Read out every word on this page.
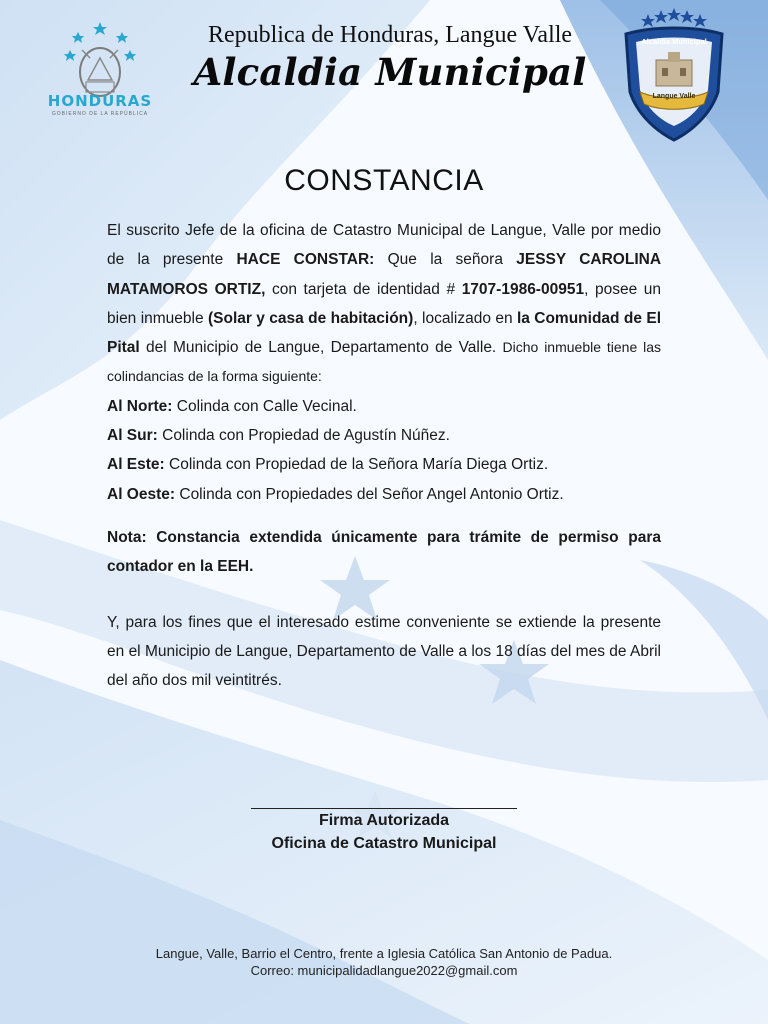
HONDURAS
GOBIERNO DE LA REPÚBLICA
Republica de Honduras, Langue Valle
Alcaldia Municipal
Alcaldia Municipal
Langue Valle
CONSTANCIA

El suscrito Jefe de la oficina de Catastro Municipal de Langue, Valle por medio de la presente HACE CONSTAR: Que la señora JESSY CAROLINA MATAMOROS ORTIZ, con tarjeta de identidad # 1707-1986-00951, posee un bien inmueble (Solar y casa de habitación), localizado en la Comunidad de El Pital del Municipio de Langue, Departamento de Valle. Dicho inmueble tiene las colindancias de la forma siguiente:

Al Norte: Colinda con Calle Vecinal.

Al Sur: Colinda con Propiedad de Agustín Núñez.

Al Este: Colinda con Propiedad de la Señora María Diega Ortiz.

Al Oeste: Colinda con Propiedades del Señor Angel Antonio Ortiz.

Nota: Constancia extendida únicamente para trámite de permiso para contador en la EEH.

Y, para los fines que el interesado estime conveniente se extiende la presente en el Municipio de Langue, Departamento de Valle a los 18 días del mes de Abril del año dos mil veintitrés.

Firma Autorizada
Oficina de Catastro Municipal
Langue, Valle, Barrio el Centro, frente a Iglesia Católica San Antonio de Padua.
Correo: municipalidadlangue2022@gmail.com
